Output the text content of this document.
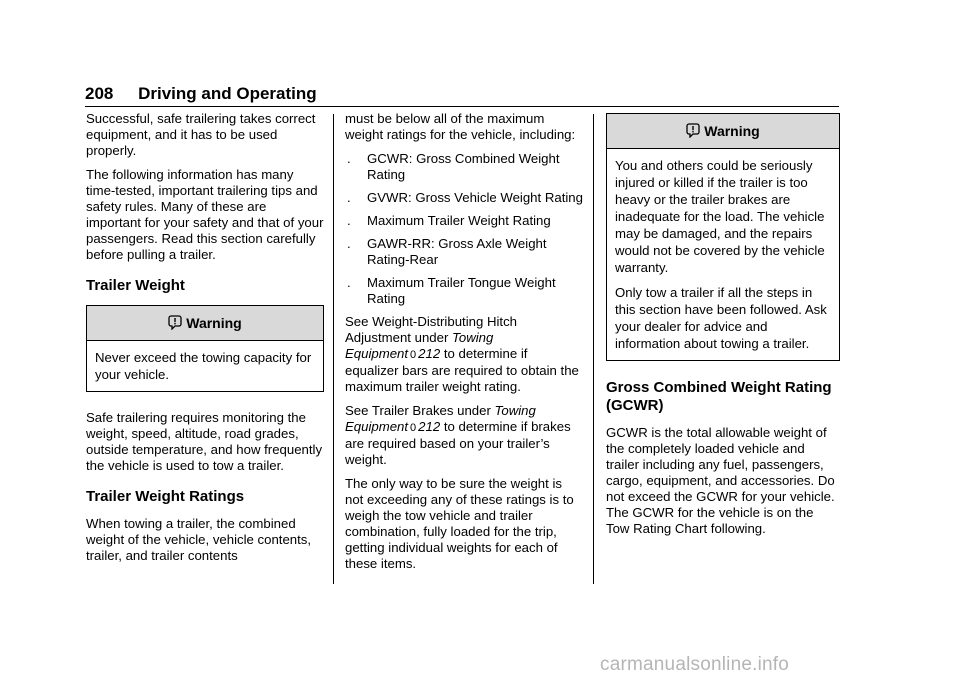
208 Driving and Operating

Successful, safe trailering takes correct equipment, and it has to be used properly.

The following information has many time-tested, important trailering tips and safety rules. Many of these are important for your safety and that of your passengers. Read this section carefully before pulling a trailer.

Trailer Weight
Warning

Never exceed the towing capacity for your vehicle.

Safe trailering requires monitoring the weight, speed, altitude, road grades, outside temperature, and how frequently the vehicle is used to tow a trailer.

Trailer Weight Ratings

When towing a trailer, the combined weight of the vehicle, vehicle contents, trailer, and trailer contents

must be below all of the maximum weight ratings for the vehicle, including:

. GCWR: Gross Combined Weight Rating
. GVWR: Gross Vehicle Weight Rating
. Maximum Trailer Weight Rating
. GAWR-RR: Gross Axle Weight Rating-Rear
. Maximum Trailer Tongue Weight Rating

See Weight-Distributing Hitch Adjustment under Towing Equipment 0 212 to determine if equalizer bars are required to obtain the maximum trailer weight rating.

See Trailer Brakes under Towing Equipment 0 212 to determine if brakes are required based on your trailer’s weight.

The only way to be sure the weight is not exceeding any of these ratings is to weigh the tow vehicle and trailer combination, fully loaded for the trip, getting individual weights for each of these items.

Warning

You and others could be seriously injured or killed if the trailer is too heavy or the trailer brakes are inadequate for the load. The vehicle may be damaged, and the repairs would not be covered by the vehicle warranty.

Only tow a trailer if all the steps in this section have been followed. Ask your dealer for advice and information about towing a trailer.

Gross Combined Weight Rating (GCWR)

GCWR is the total allowable weight of the completely loaded vehicle and trailer including any fuel, passengers, cargo, equipment, and accessories. Do not exceed the GCWR for your vehicle. The GCWR for the vehicle is on the Tow Rating Chart following.

carmanualsonline.info
